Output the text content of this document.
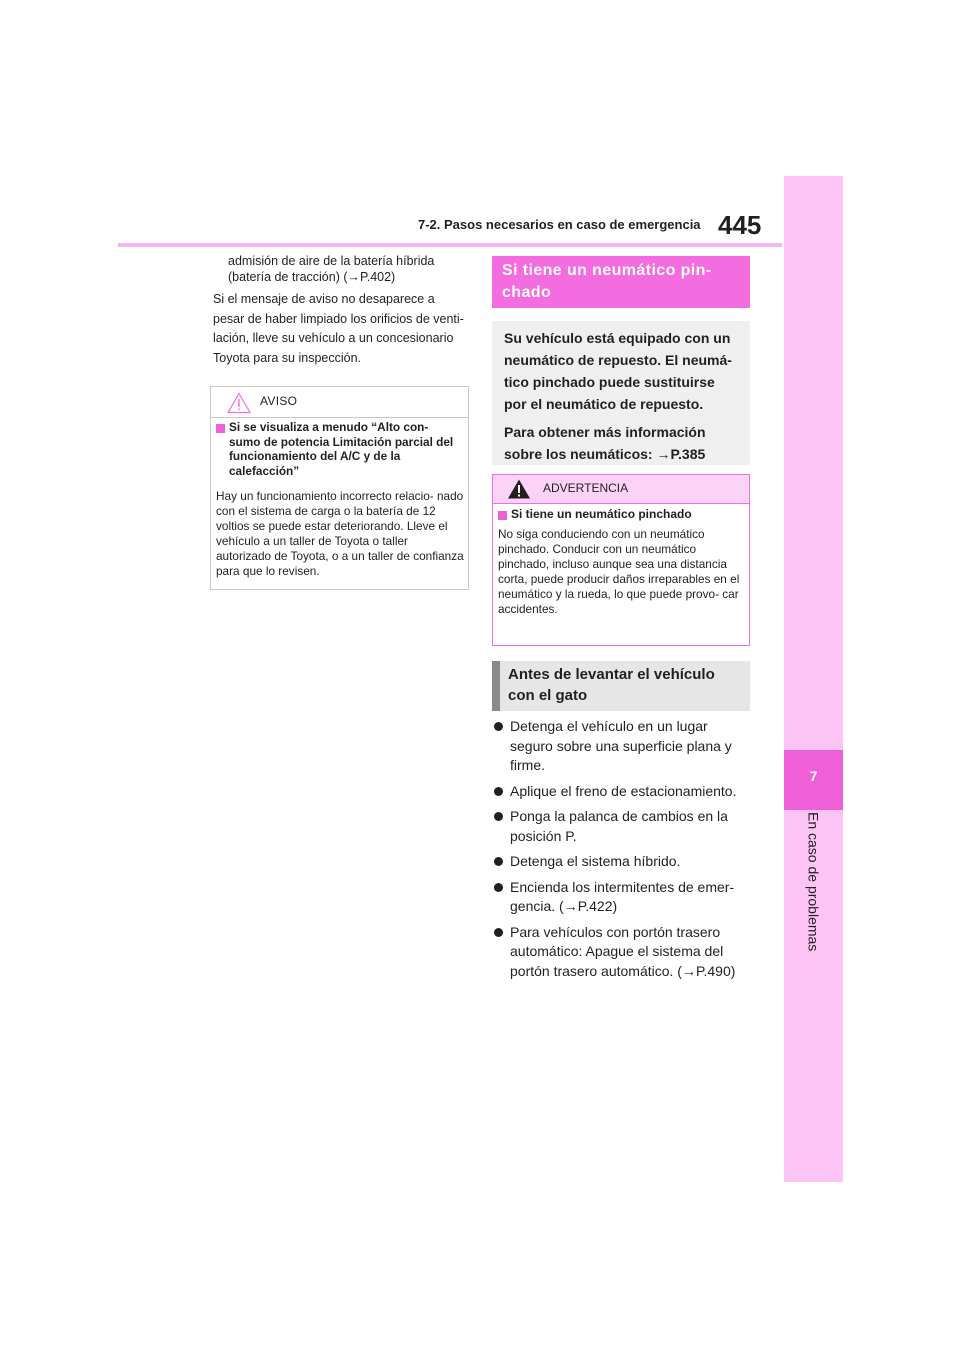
7-2. Pasos necesarios en caso de emergencia 445
7
En caso de problemas
admisión de aire de la batería híbrida (batería de tracción) (→P.402)
Si el mensaje de aviso no desaparece a
pesar de haber limpiado los orificios de venti-
lación, lleve su vehículo a un concesionario
Toyota para su inspección.
AVISO
Si se visualiza a menudo “Alto con- sumo de potencia Limitación parcial del funcionamiento del A/C y de la calefacción”
Hay un funcionamiento incorrecto relacio- nado con el sistema de carga o la batería de 12 voltios se puede estar deteriorando. Lleve el vehículo a un taller de Toyota o taller autorizado de Toyota, o a un taller de confianza para que lo revisen.
Si tiene un neumático pin- chado
Su vehículo está equipado con un
neumático de repuesto. El neumá-
tico pinchado puede sustituirse
por el neumático de repuesto.
Para obtener más información
sobre los neumáticos: →P.385
ADVERTENCIA
Si tiene un neumático pinchado
No siga conduciendo con un neumático pinchado. Conducir con un neumático pinchado, incluso aunque sea una distancia corta, puede producir daños irreparables en el neumático y la rueda, lo que puede provo- car accidentes.
Antes de levantar el vehículo con el gato
Detenga el vehículo en un lugar seguro sobre una superficie plana y firme.
Aplique el freno de estacionamiento.
Ponga la palanca de cambios en la posición P.
Detenga el sistema híbrido.
Encienda los intermitentes de emer- gencia. (→P.422)
Para vehículos con portón trasero automático: Apague el sistema del portón trasero automático. (→P.490)
